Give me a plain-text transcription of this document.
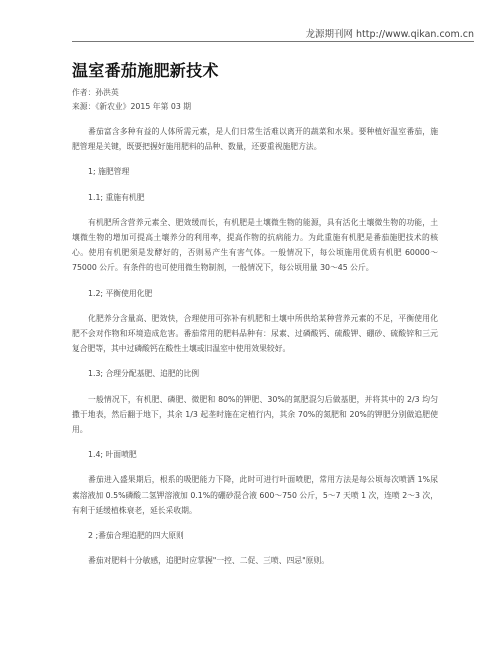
龙源期刊网 http://www.qikan.com.cn
温室番茄施肥新技术
作者：孙洪英
来源：《新农业》2015 年第 03 期

番茄富含多种有益的人体所需元素，是人们日常生活难以离开的蔬菜和水果。要种植好温室番茄，施肥管理是关键，既要把握好施用肥料的品种、数量，还要重视施肥方法。

1; 施肥管理

1.1; 重施有机肥

有机肥所含营养元素全、肥效缓而长，有机肥是土壤微生物的能源，具有活化土壤微生物的功能，土壤微生物的增加可提高土壤养分的利用率，提高作物的抗病能力。为此重施有机肥是番茄施肥技术的核心。使用有机肥须是发酵好的，否则易产生有害气体。一般情况下，每公顷施用优质有机肥 60000～75000 公斤。有条件的也可使用微生物制剂，一般情况下，每公顷用量 30～45 公斤。

1.2; 平衡使用化肥

化肥养分含量高、肥效快，合理使用可弥补有机肥和土壤中所供给某种营养元素的不足，平衡使用化肥不会对作物和环境造成危害。番茄常用的肥料品种有：尿素、过磷酸钙、硫酸钾、硼砂、硫酸锌和三元复合肥等，其中过磷酸钙在酸性土壤或旧温室中使用效果较好。

1.3; 合理分配基肥、追肥的比例

一般情况下，有机肥、磷肥、微肥和 80%的钾肥、30%的氮肥混匀后做基肥，并将其中的 2/3 均匀撒于地表，然后翻于地下，其余 1/3 起垄时施在定植行内，其余 70%的氮肥和 20%的钾肥分别做追肥使用。

1.4; 叶面喷肥

番茄进入盛果期后，根系的吸肥能力下降，此时可进行叶面喷肥，常用方法是每公顷每次喷洒 1%尿素溶液加 0.5%磷酸二氢钾溶液加 0.1%的硼砂混合液 600～750 公斤，5～7 天喷 1 次，连喷 2～3 次，有利于延缓植株衰老，延长采收期。

2 ;番茄合理追肥的四大原则

番茄对肥料十分敏感，追肥时应掌握"一控、二促、三喷、四忌"原则。
